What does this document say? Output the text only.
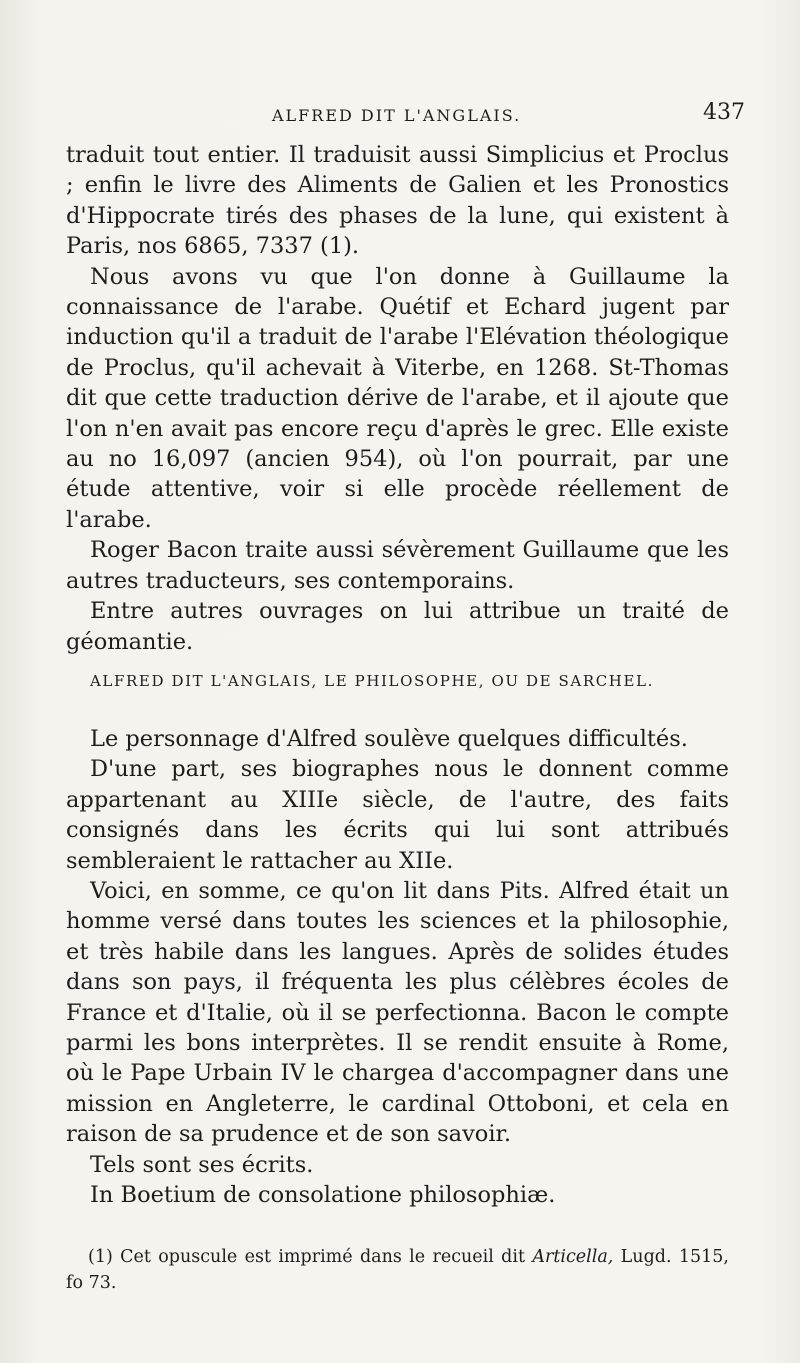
ALFRED DIT L'ANGLAIS.	437

traduit tout entier. Il traduisit aussi Simplicius et Proclus ; enfin le livre des Aliments de Galien et les Pronostics d'Hippocrate tirés des phases de la lune, qui existent à Paris, nos 6865, 7337 (1).

Nous avons vu que l'on donne à Guillaume la connaissance de l'arabe. Quétif et Echard jugent par induction qu'il a traduit de l'arabe l'Elévation théologique de Proclus, qu'il achevait à Viterbe, en 1268. St-Thomas dit que cette traduction dérive de l'arabe, et il ajoute que l'on n'en avait pas encore reçu d'après le grec. Elle existe au no 16,097 (ancien 954), où l'on pourrait, par une étude attentive, voir si elle procède réellement de l'arabe.

Roger Bacon traite aussi sévèrement Guillaume que les autres traducteurs, ses contemporains.

Entre autres ouvrages on lui attribue un traité de géomantie.

ALFRED DIT L'ANGLAIS, LE PHILOSOPHE, OU DE SARCHEL.

Le personnage d'Alfred soulève quelques difficultés.

D'une part, ses biographes nous le donnent comme appartenant au XIIIe siècle, de l'autre, des faits consignés dans les écrits qui lui sont attribués sembleraient le rattacher au XIIe.

Voici, en somme, ce qu'on lit dans Pits. Alfred était un homme versé dans toutes les sciences et la philosophie, et très habile dans les langues. Après de solides études dans son pays, il fréquenta les plus célèbres écoles de France et d'Italie, où il se perfectionna. Bacon le compte parmi les bons interprètes. Il se rendit ensuite à Rome, où le Pape Urbain IV le chargea d'accompagner dans une mission en Angleterre, le cardinal Ottoboni, et cela en raison de sa prudence et de son savoir.

Tels sont ses écrits.

In Boetium de consolatione philosophiæ.

(1) Cet opuscule est imprimé dans le recueil dit Articella, Lugd. 1515, fo 73.
